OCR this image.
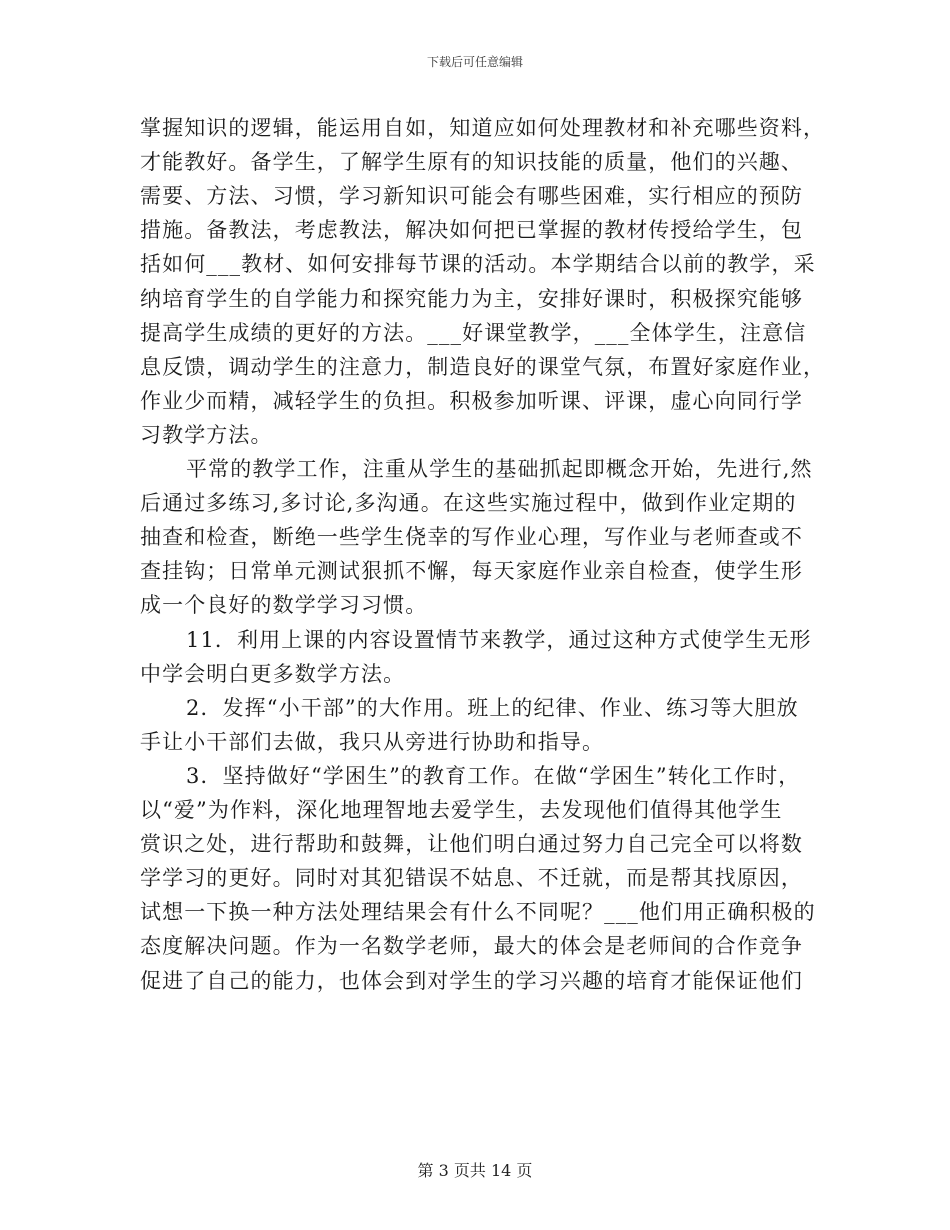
下载后可任意编辑
掌握知识的逻辑，能运用自如，知道应如何处理教材和补充哪些资料，
才能教好。备学生，了解学生原有的知识技能的质量，他们的兴趣、
需要、方法、习惯，学习新知识可能会有哪些困难，实行相应的预防
措施。备教法，考虑教法，解决如何把已掌握的教材传授给学生，包
括如何___教材、如何安排每节课的活动。本学期结合以前的教学，采
纳培育学生的自学能力和探究能力为主，安排好课时，积极探究能够
提高学生成绩的更好的方法。___好课堂教学，___全体学生，注意信
息反馈，调动学生的注意力，制造良好的课堂气氛，布置好家庭作业，
作业少而精，减轻学生的负担。积极参加听课、评课，虚心向同行学
习教学方法。
平常的教学工作，注重从学生的基础抓起即概念开始，先进行,然
后通过多练习,多讨论,多沟通。在这些实施过程中，做到作业定期的
抽查和检查，断绝一些学生侥幸的写作业心理，写作业与老师查或不
查挂钩；日常单元测试狠抓不懈，每天家庭作业亲自检查，使学生形
成一个良好的数学学习习惯。
11．利用上课的内容设置情节来教学，通过这种方式使学生无形
中学会明白更多数学方法。
2．发挥“小干部”的大作用。班上的纪律、作业、练习等大胆放
手让小干部们去做，我只从旁进行协助和指导。
3．坚持做好“学困生”的教育工作。在做“学困生”转化工作时，
以“爱”为作料，深化地理智地去爱学生，去发现他们值得其他学生
赏识之处，进行帮助和鼓舞，让他们明白通过努力自己完全可以将数
学学习的更好。同时对其犯错误不姑息、不迁就，而是帮其找原因，
试想一下换一种方法处理结果会有什么不同呢？___他们用正确积极的
态度解决问题。作为一名数学老师，最大的体会是老师间的合作竞争
促进了自己的能力，也体会到对学生的学习兴趣的培育才能保证他们
第 3 页共 14 页
